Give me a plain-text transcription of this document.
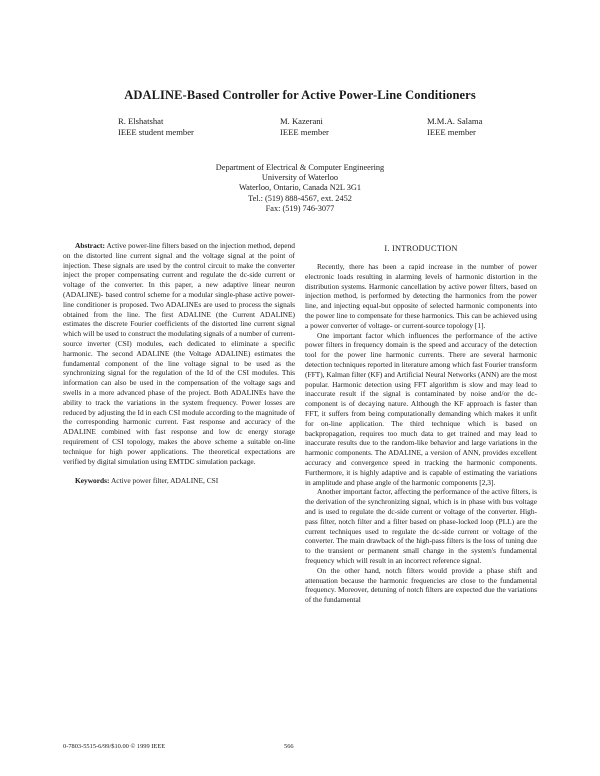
ADALINE-Based Controller for Active Power-Line Conditioners
R. Elshatshat
IEEE student member
M. Kazerani
IEEE member
M.M.A. Salama
IEEE member
Department of Electrical & Computer Engineering
University of Waterloo
Waterloo, Ontario, Canada N2L 3G1
Tel.: (519) 888-4567, ext. 2452
Fax: (519) 746-3077

Abstract: Active power-line filters based on the injection method, depend on the distorted line current signal and the voltage signal at the point of injection. These signals are used by the control circuit to make the converter inject the proper compensating current and regulate the dc-side current or voltage of the converter. In this paper, a new adaptive linear neuron (ADALINE)- based control scheme for a modular single-phase active power-line conditioner is proposed. Two ADALINEs are used to process the signals obtained from the line. The first ADALINE (the Current ADALINE) estimates the discrete Fourier coefficients of the distorted line current signal which will be used to construct the modulating signals of a number of current-source inverter (CSI) modules, each dedicated to eliminate a specific harmonic. The second ADALINE (the Voltage ADALINE) estimates the fundamental component of the line voltage signal to be used as the synchronizing signal for the regulation of the Id of the CSI modules. This information can also be used in the compensation of the voltage sags and swells in a more advanced phase of the project. Both ADALINEs have the ability to track the variations in the system frequency. Power losses are reduced by adjusting the Id in each CSI module according to the magnitude of the corresponding harmonic current. Fast response and accuracy of the ADALINE combined with fast response and low dc energy storage requirement of CSI topology, makes the above scheme a suitable on-line technique for high power applications. The theoretical expectations are verified by digital simulation using EMTDC simulation package.

Keywords: Active power filter, ADALINE, CSI

I. INTRODUCTION

Recently, there has been a rapid increase in the number of power electronic loads resulting in alarming levels of harmonic distortion in the distribution systems. Harmonic cancellation by active power filters, based on injection method, is performed by detecting the harmonics from the power line, and injecting equal-but opposite of selected harmonic components into the power line to compensate for these harmonics. This can be achieved using a power converter of voltage- or current-source topology [1].

One important factor which influences the performance of the active power filters in frequency domain is the speed and accuracy of the detection tool for the power line harmonic currents. There are several harmonic detection techniques reported in literature among which fast Fourier transform (FFT), Kalman filter (KF) and Artificial Neural Networks (ANN) are the most popular. Harmonic detection using FFT algorithm is slow and may lead to inaccurate result if the signal is contaminated by noise and/or the dc-component is of decaying nature. Although the KF approach is faster than FFT, it suffers from being computationally demanding which makes it unfit for on-line application. The third technique which is based on backpropagation, requires too much data to get trained and may lead to inaccurate results due to the random-like behavior and large variations in the harmonic components. The ADALINE, a version of ANN, provides excellent accuracy and convergence speed in tracking the harmonic components. Furthermore, it is highly adaptive and is capable of estimating the variations in amplitude and phase angle of the harmonic components [2,3].

Another important factor, affecting the performance of the active filters, is the derivation of the synchronizing signal, which is in phase with bus voltage and is used to regulate the dc-side current or voltage of the converter. High-pass filter, notch filter and a filter based on phase-locked loop (PLL) are the current techniques used to regulate the dc-side current or voltage of the converter. The main drawback of the high-pass filters is the loss of tuning due to the transient or permanent small change in the system's fundamental frequency which will result in an incorrect reference signal.

On the other hand, notch filters would provide a phase shift and attenuation because the harmonic frequencies are close to the fundamental frequency. Moreover, detuning of notch filters are expected due the variations of the fundamental

0-7803-5515-6/99/$10.00 © 1999 IEEE	566
